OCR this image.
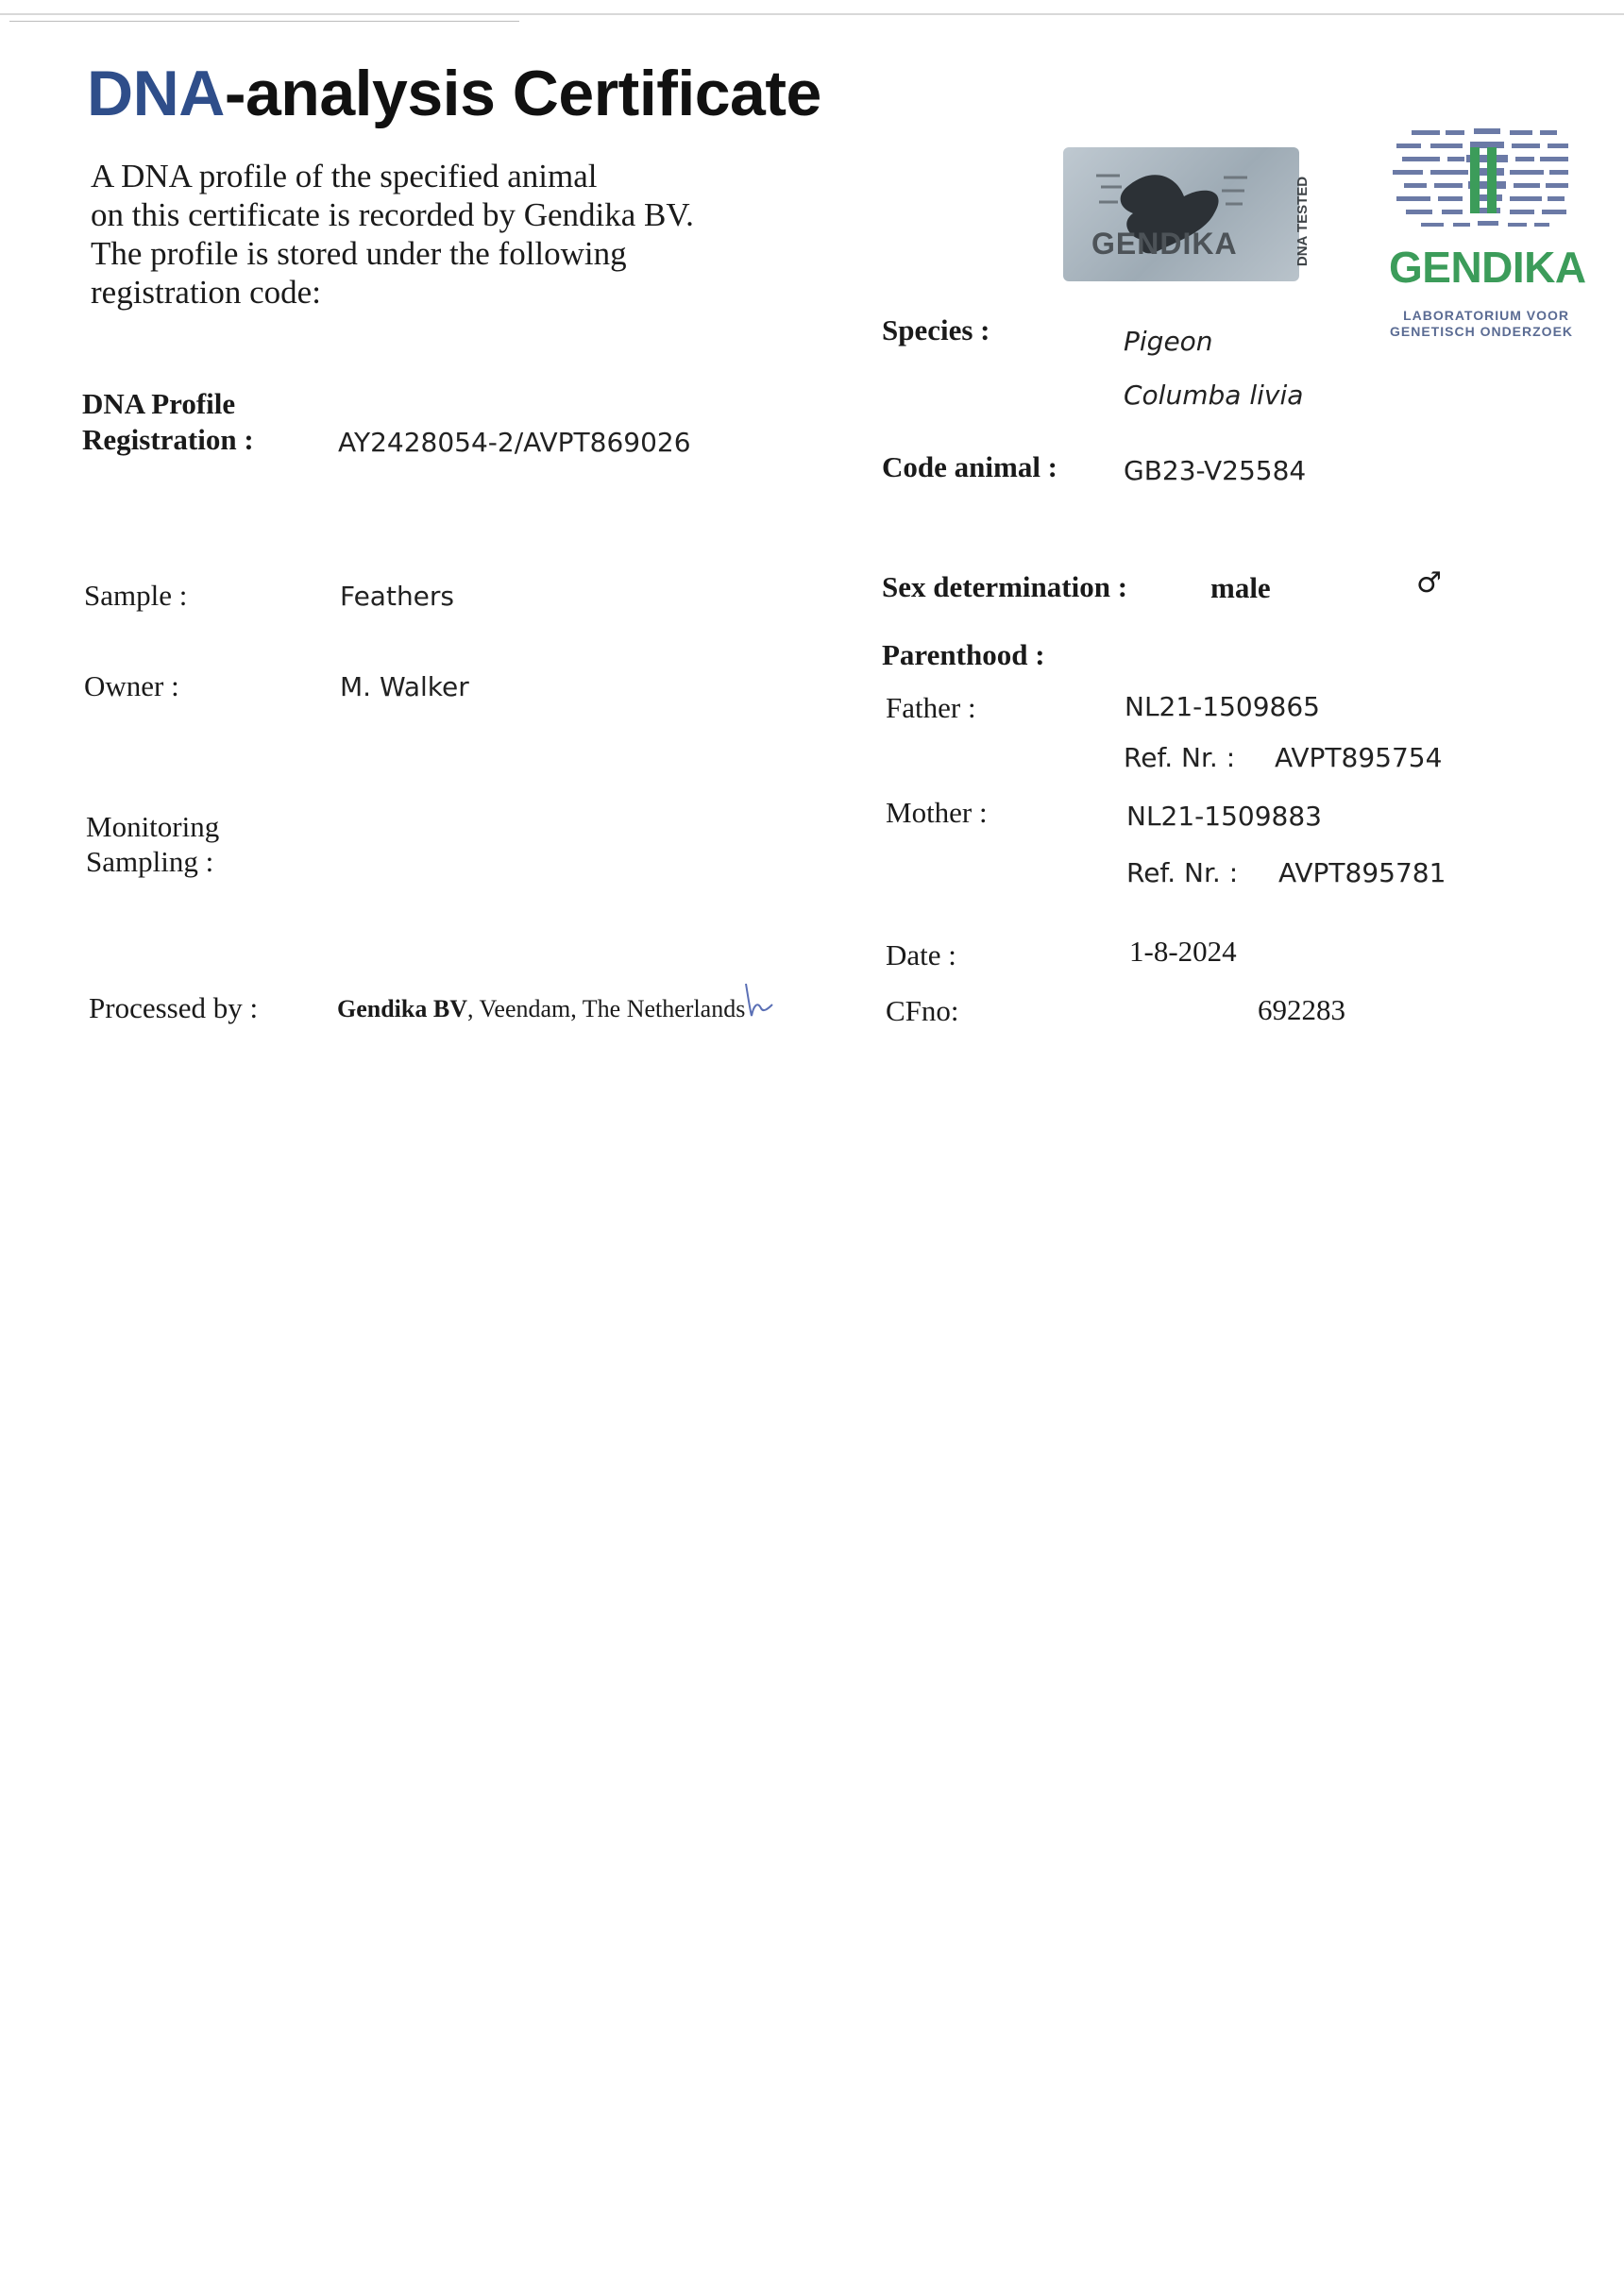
DNA-analysis Certificate
A DNA profile of the specified animal
on this certificate is recorded by Gendika BV.
The profile is stored under the following
registration code:
GENDIKA	DNA TESTED
GENDIKA
LABORATORIUM VOOR
GENETISCH ONDERZOEK
DNA Profile
Registration :	AY2428054-2/AVPT869026
Sample :	Feathers
Owner :	M. Walker
Monitoring
Sampling :
Processed by :	Gendika BV, Veendam, The Netherlands
Species :	Pigeon
Columba livia
Code animal :	GB23-V25584
Sex determination :	male	♂
Parenthood :
Father :	NL21-1509865
Ref. Nr. : AVPT895754
Mother :	NL21-1509883
Ref. Nr. : AVPT895781
Date :	1-8-2024
CFno:	692283
